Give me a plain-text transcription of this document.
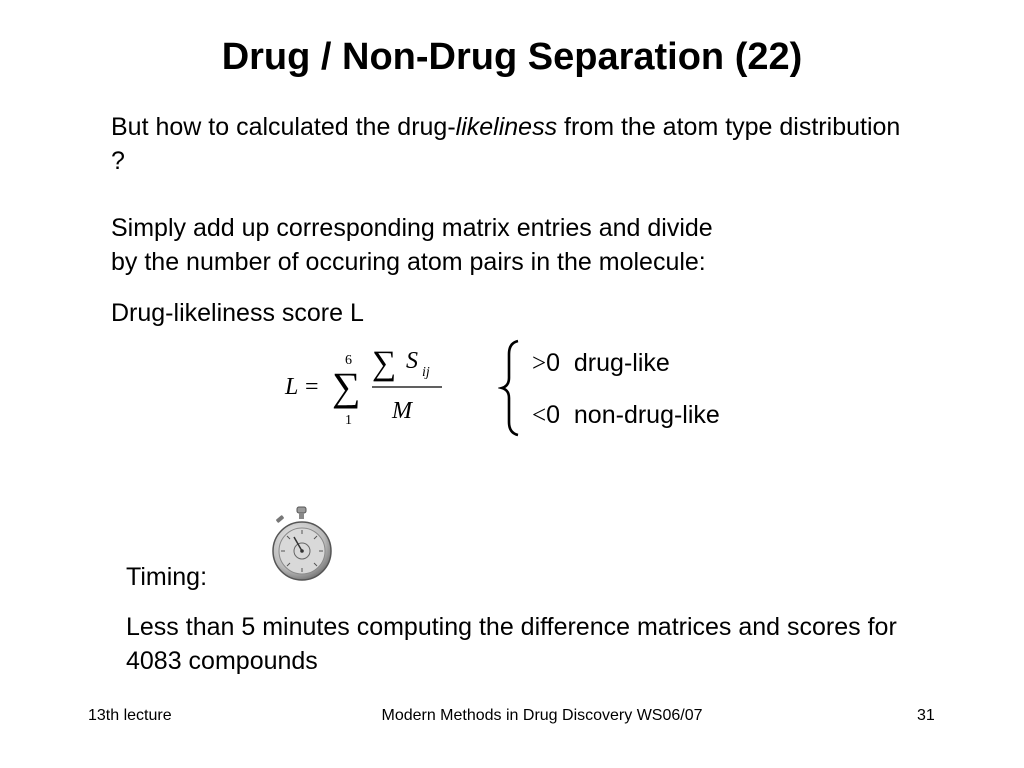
Drug / Non-Drug Separation (22)
But how to calculated the drug-likeliness from the atom type distribution ?
Simply add up corresponding matrix entries and divide
by the number of occuring atom pairs in the molecule:
Drug-likeliness score L
L =
6
∑
1
∑ S ij
M
>0  drug-like
<0  non-drug-like
Timing:
Less than 5 minutes computing the difference matrices and scores for 4083 compounds
13th lecture	Modern Methods in Drug Discovery WS06/07	31
